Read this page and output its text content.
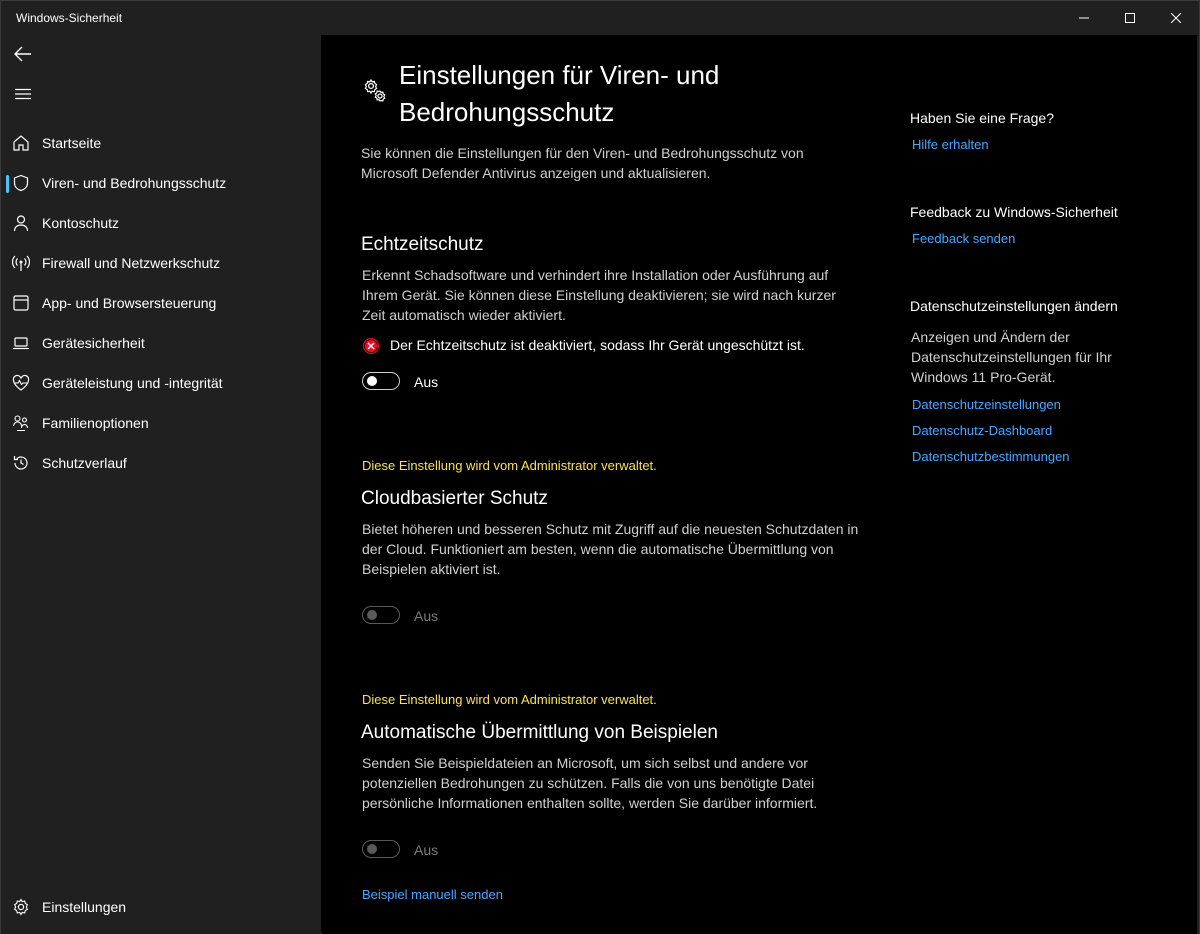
Windows-Sicherheit
Startseite
Viren- und Bedrohungsschutz
Kontoschutz
Firewall und Netzwerkschutz
App- und Browsersteuerung
Gerätesicherheit
Geräteleistung und -integrität
Familienoptionen
Schutzverlauf
Einstellungen
Einstellungen für Viren- und Bedrohungsschutz
Sie können die Einstellungen für den Viren- und Bedrohungsschutz von Microsoft Defender Antivirus anzeigen und aktualisieren.
Echtzeitschutz
Erkennt Schadsoftware und verhindert ihre Installation oder Ausführung auf Ihrem Gerät. Sie können diese Einstellung deaktivieren; sie wird nach kurzer Zeit automatisch wieder aktiviert.
Der Echtzeitschutz ist deaktiviert, sodass Ihr Gerät ungeschützt ist.
Aus
Diese Einstellung wird vom Administrator verwaltet.
Cloudbasierter Schutz
Bietet höheren und besseren Schutz mit Zugriff auf die neuesten Schutzdaten in der Cloud. Funktioniert am besten, wenn die automatische Übermittlung von Beispielen aktiviert ist.
Aus
Diese Einstellung wird vom Administrator verwaltet.
Automatische Übermittlung von Beispielen
Senden Sie Beispieldateien an Microsoft, um sich selbst und andere vor potenziellen Bedrohungen zu schützen. Falls die von uns benötigte Datei persönliche Informationen enthalten sollte, werden Sie darüber informiert.
Aus
Beispiel manuell senden
Haben Sie eine Frage?
Hilfe erhalten
Feedback zu Windows-Sicherheit
Feedback senden
Datenschutzeinstellungen ändern
Anzeigen und Ändern der Datenschutzeinstellungen für Ihr Windows 11 Pro-Gerät.
Datenschutzeinstellungen
Datenschutz-Dashboard
Datenschutzbestimmungen
